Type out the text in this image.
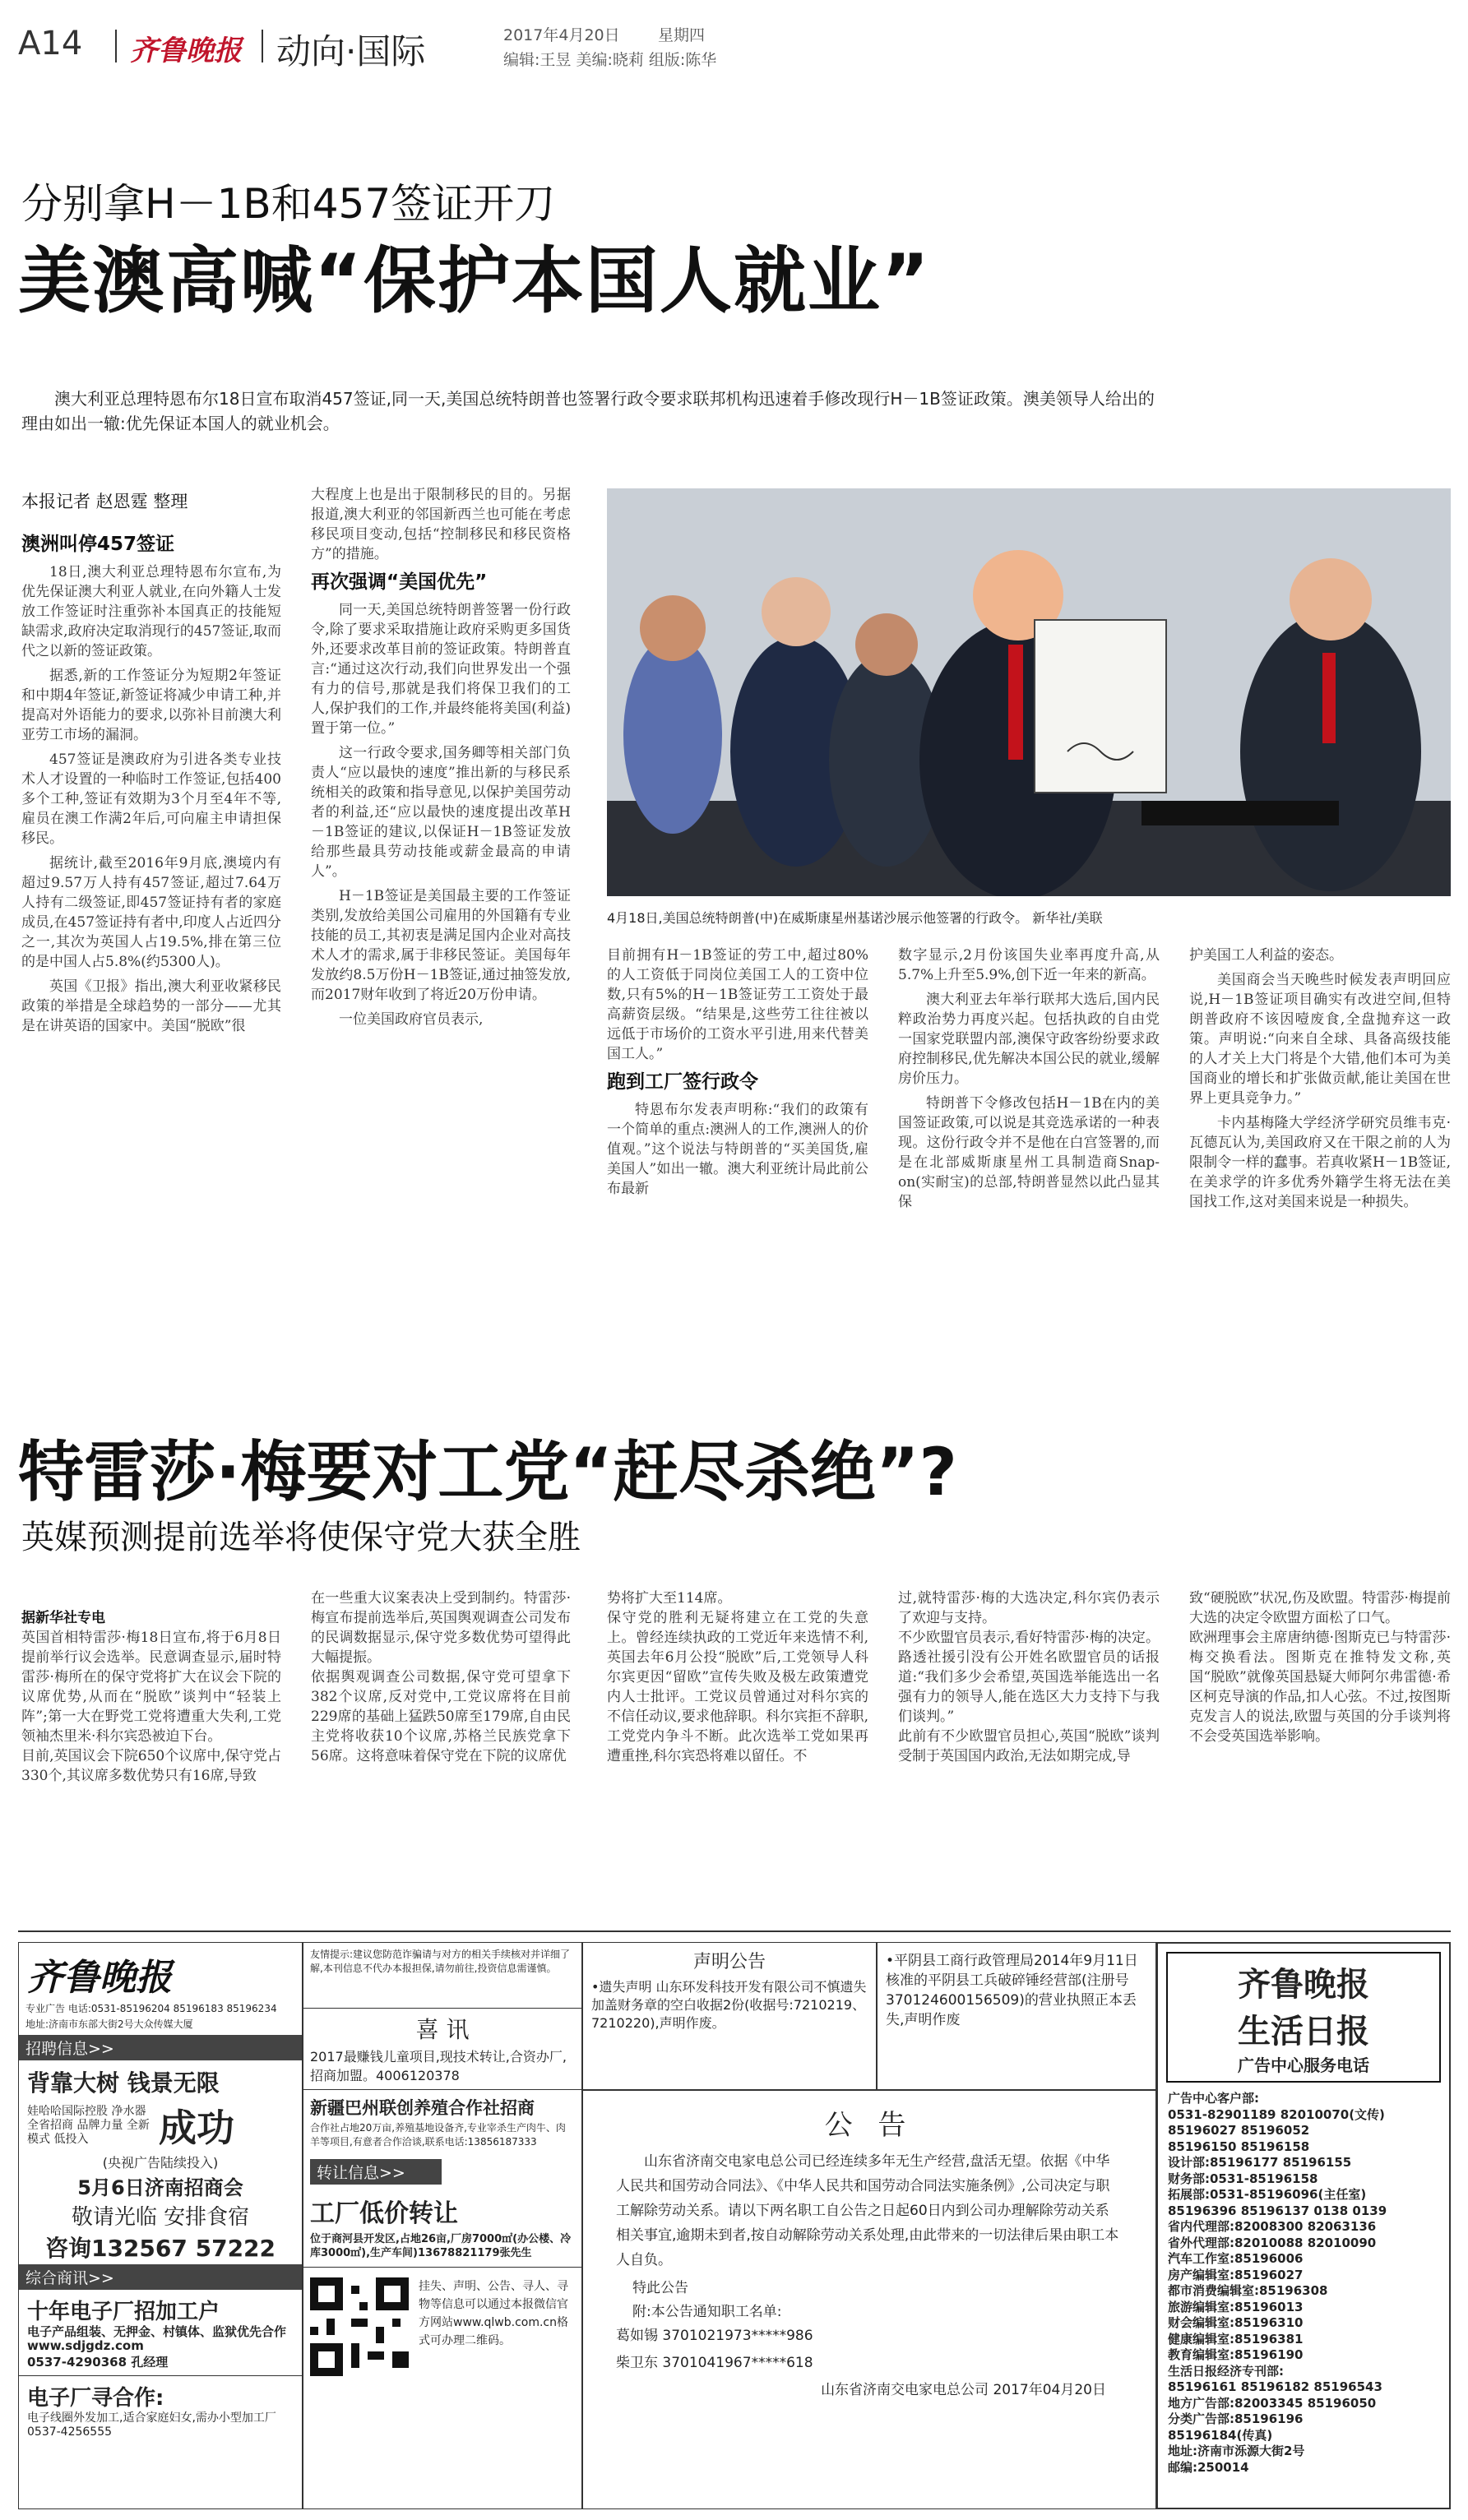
A14 齐鲁晚报 动向·国际	2017年4月20日 星期四
编辑:王昱 美编:晓莉 组版:陈华
分别拿H－1B和457签证开刀
美澳高喊“保护本国人就业”
澳大利亚总理特恩布尔18日宣布取消457签证,同一天,美国总统特朗普也签署行政令要求联邦机构迅速着手修改现行H－1B签证政策。澳美领导人给出的理由如出一辙:优先保证本国人的就业机会。
本报记者 赵恩霆 整理
澳洲叫停457签证

18日,澳大利亚总理特恩布尔宣布,为优先保证澳大利亚人就业,在向外籍人士发放工作签证时注重弥补本国真正的技能短缺需求,政府决定取消现行的457签证,取而代之以新的签证政策。

据悉,新的工作签证分为短期2年签证和中期4年签证,新签证将减少申请工种,并提高对外语能力的要求,以弥补目前澳大利亚劳工市场的漏洞。

457签证是澳政府为引进各类专业技术人才设置的一种临时工作签证,包括400多个工种,签证有效期为3个月至4年不等,雇员在澳工作满2年后,可向雇主申请担保移民。

据统计,截至2016年9月底,澳境内有超过9.57万人持有457签证,超过7.64万人持有二级签证,即457签证持有者的家庭成员,在457签证持有者中,印度人占近四分之一,其次为英国人占19.5%,排在第三位的是中国人占5.8%(约5300人)。

英国《卫报》指出,澳大利亚收紧移民政策的举措是全球趋势的一部分——尤其是在讲英语的国家中。美国“脱欧”很

大程度上也是出于限制移民的目的。另据报道,澳大利亚的邻国新西兰也可能在考虑移民项目变动,包括“控制移民和移民资格方”的措施。

再次强调“美国优先”

同一天,美国总统特朗普签署一份行政令,除了要求采取措施让政府采购更多国货外,还要求改革目前的签证政策。特朗普直言:“通过这次行动,我们向世界发出一个强有力的信号,那就是我们将保卫我们的工人,保护我们的工作,并最终能将美国(利益)置于第一位。”

这一行政令要求,国务卿等相关部门负责人“应以最快的速度”推出新的与移民系统相关的政策和指导意见,以保护美国劳动者的利益,还“应以最快的速度提出改革H－1B签证的建议,以保证H－1B签证发放给那些最具劳动技能或薪金最高的申请人”。

H－1B签证是美国最主要的工作签证类别,发放给美国公司雇用的外国籍有专业技能的员工,其初衷是满足国内企业对高技术人才的需求,属于非移民签证。美国每年发放约8.5万份H－1B签证,通过抽签发放,而2017财年收到了将近20万份申请。

一位美国政府官员表示,

4月18日,美国总统特朗普(中)在威斯康星州基诺沙展示他签署的行政令。 新华社/美联

目前拥有H－1B签证的劳工中,超过80%的人工资低于同岗位美国工人的工资中位数,只有5%的H－1B签证劳工工资处于最高薪资层级。“结果是,这些劳工往往被以远低于市场价的工资水平引进,用来代替美国工人。”

跑到工厂签行政令

特恩布尔发表声明称:“我们的政策有一个简单的重点:澳洲人的工作,澳洲人的价值观。”这个说法与特朗普的“买美国货,雇美国人”如出一辙。澳大利亚统计局此前公布最新

数字显示,2月份该国失业率再度升高,从5.7%上升至5.9%,创下近一年来的新高。

澳大利亚去年举行联邦大选后,国内民粹政治势力再度兴起。包括执政的自由党一国家党联盟内部,澳保守政客纷纷要求政府控制移民,优先解决本国公民的就业,缓解房价压力。

特朗普下令修改包括H－1B在内的美国签证政策,可以说是其竞选承诺的一种表现。这份行政令并不是他在白宫签署的,而是在北部威斯康星州工具制造商Snap-on(实耐宝)的总部,特朗普显然以此凸显其保

护美国工人利益的姿态。

美国商会当天晚些时候发表声明回应说,H－1B签证项目确实有改进空间,但特朗普政府不该因噎废食,全盘抛弃这一政策。声明说:“向来自全球、具备高级技能的人才关上大门将是个大错,他们本可为美国商业的增长和扩张做贡献,能让美国在世界上更具竞争力。”

卡内基梅隆大学经济学研究员维韦克·瓦德瓦认为,美国政府又在干限之前的人为限制令一样的蠢事。若真收紧H－1B签证,在美求学的许多优秀外籍学生将无法在美国找工作,这对美国来说是一种损失。

特雷莎·梅要对工党“赶尽杀绝”?
英媒预测提前选举将使保守党大获全胜

据新华社专电
英国首相特雷莎·梅18日宣布,将于6月8日提前举行议会选举。民意调查显示,届时特雷莎·梅所在的保守党将扩大在议会下院的议席优势,从而在“脱欧”谈判中“轻装上阵”;第一大在野党工党将遭重大失利,工党领袖杰里米·科尔宾恐被迫下台。
目前,英国议会下院650个议席中,保守党占330个,其议席多数优势只有16席,导致

在一些重大议案表决上受到制约。特雷莎·梅宣布提前选举后,英国舆观调查公司发布的民调数据显示,保守党多数优势可望得此大幅提振。
依据舆观调查公司数据,保守党可望拿下382个议席,反对党中,工党议席将在目前229席的基础上猛跌50席至179席,自由民主党将收获10个议席,苏格兰民族党拿下56席。这将意味着保守党在下院的议席优
势将扩大至114席。
保守党的胜利无疑将建立在工党的失意上。曾经连续执政的工党近年来选情不利,英国去年6月公投“脱欧”后,工党领导人科尔宾更因“留欧”宣传失败及极左政策遭党内人士批评。工党议员曾通过对科尔宾的不信任动议,要求他辞职。科尔宾拒不辞职,工党党内争斗不断。此次选举工党如果再遭重挫,科尔宾恐将难以留任。不
过,就特雷莎·梅的大选决定,科尔宾仍表示了欢迎与支持。
不少欧盟官员表示,看好特雷莎·梅的决定。路透社援引没有公开姓名欧盟官员的话报道:“我们多少会希望,英国选举能选出一名强有力的领导人,能在选区大力支持下与我们谈判。”
此前有不少欧盟官员担心,英国“脱欧”谈判受制于英国国内政治,无法如期完成,导
致“硬脱欧”状况,伤及欧盟。特雷莎·梅提前大选的决定令欧盟方面松了口气。
欧洲理事会主席唐纳德·图斯克已与特雷莎·梅交换看法。图斯克在推特发文称,英国“脱欧”就像英国悬疑大师阿尔弗雷德·希区柯克导演的作品,扣人心弦。不过,按图斯克发言人的说法,欧盟与英国的分手谈判将不会受英国选举影响。
齐鲁晚报
专业广告 电话:0531-85196204 85196183 85196234
地址:济南市东部大街2号大众传媒大厦
招聘信息>>
背靠大树 钱景无限
娃哈哈国际控股 净水器 全省招商 品牌力量 全新模式 低投入	成功
(央视广告陆续投入)
5月6日济南招商会
敬请光临 安排食宿
咨询132567 57222
综合商讯>>
十年电子厂招加工户
电子产品组装、无押金、村镇体、监狱优先合作 www.sdjgdz.com
0537-4290368 孔经理
电子厂寻合作:
电子线圈外发加工,适合家庭妇女,需办小型加工厂0537-4256555
友情提示:建议您防范诈骗请与对方的相关手续核对并详细了解,本刊信息不代办本报担保,请勿前往,投资信息需谨慎。
喜 讯
2017最赚钱儿童项目,现技术转让,合资办厂,招商加盟。4006120378
新疆巴州联创养殖合作社招商
合作社占地20万亩,养殖基地设备齐,专业宰杀生产肉牛、肉羊等项目,有意者合作洽谈,联系电话:13856187333
转让信息>>
工厂低价转让
位于商河县开发区,占地26亩,厂房7000㎡(办公楼、冷库3000㎡),生产车间)13678821179张先生
挂失、声明、公告、寻人、寻物等信息可以通过本报微信官方网站www.qlwb.com.cn格式可办理二维码。
声明公告
•遗失声明 山东环发科技开发有限公司不慎遗失加盖财务章的空白收据2份(收据号:7210219、7210220),声明作废。
•平阴县工商行政管理局2014年9月11日核准的平阴县工兵破碎锤经营部(注册号370124600156509)的营业执照正本丢失,声明作废
公 告
山东省济南交电家电总公司已经连续多年无生产经营,盘活无望。依据《中华人民共和国劳动合同法》、《中华人民共和国劳动合同法实施条例》,公司决定与职工解除劳动关系。请以下两名职工自公告之日起60日内到公司办理解除劳动关系相关事宜,逾期未到者,按自动解除劳动关系处理,由此带来的一切法律后果由职工本人自负。
特此公告
附:本公告通知职工名单:
葛如锡 3701021973*****986
柴卫东 3701041967*****618
山东省济南交电家电总公司 2017年04月20日
齐鲁晚报
生活日报
广告中心服务电话
广告中心客户部:
0531-82901189 82010070(文传)
85196027 85196052
85196150 85196158
设计部:85196177 85196155
财务部:0531-85196158
拓展部:0531-85196096(主任室)
85196396 85196137 0138 0139
省内代理部:82008300 82063136
省外代理部:82010088 82010090
汽车工作室:85196006
房产编辑室:85196027
都市消费编辑室:85196308
旅游编辑室:85196013
财会编辑室:85196310
健康编辑室:85196381
教育编辑室:85196190
生活日报经济专刊部:
85196161 85196182 85196543
地方广告部:82003345 85196050
分类广告部:85196196
85196184(传真)
地址:济南市泺源大街2号
邮编:250014
